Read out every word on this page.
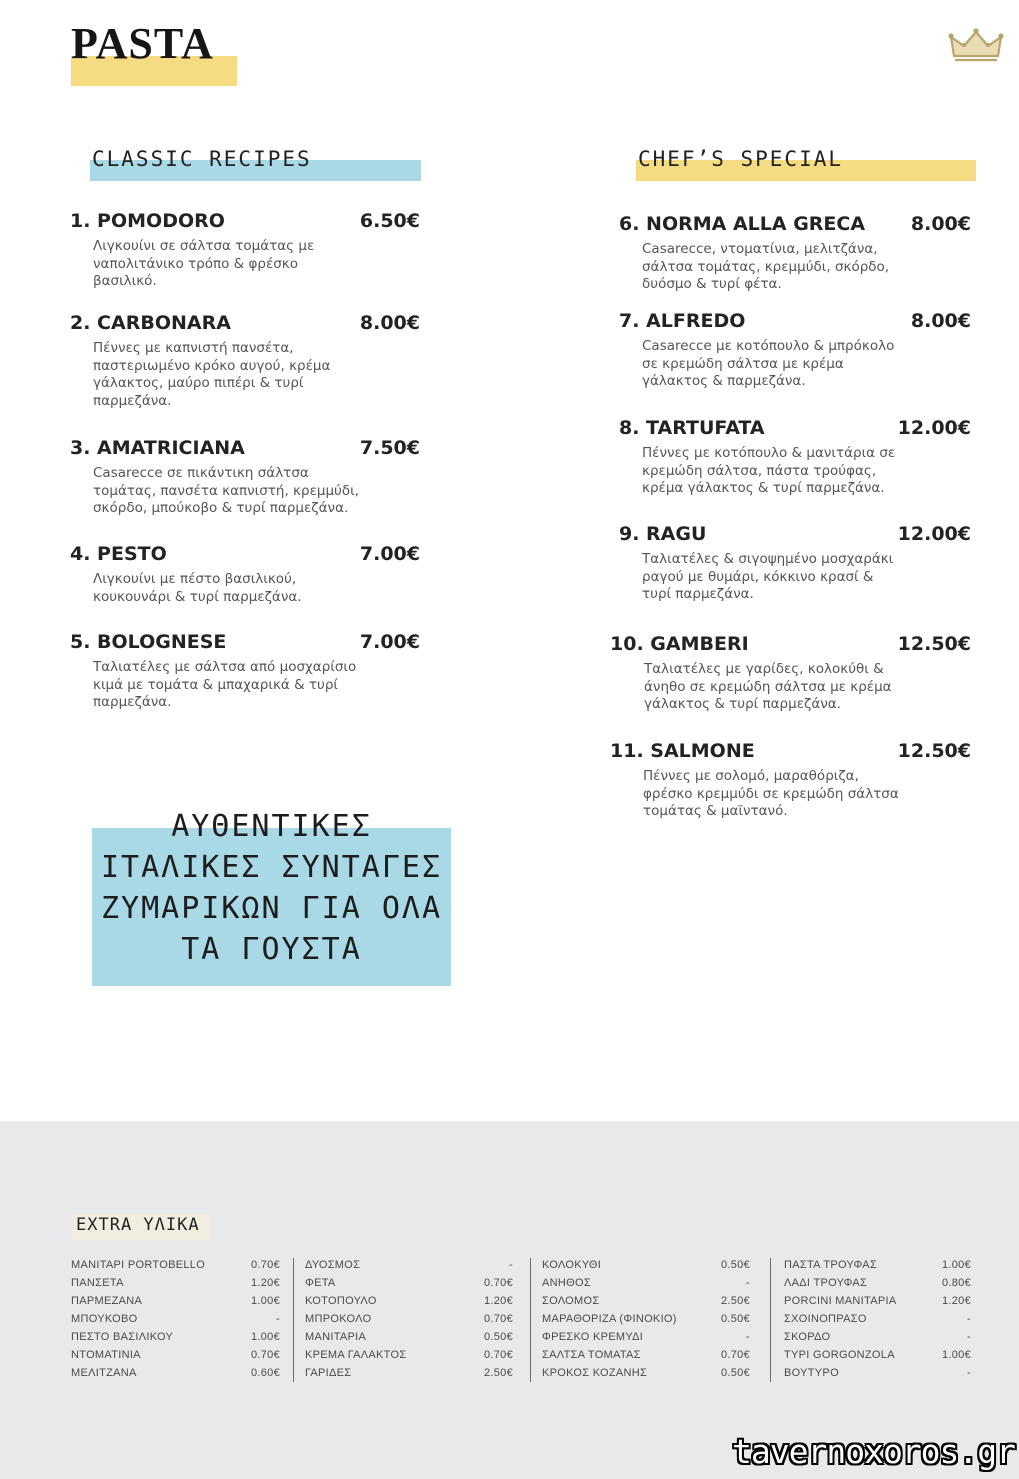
PASTA
CLASSIC RECIPES	CHEF’S SPECIAL
1. POMODORO	6.50€
Λιγκουίνι σε σάλτσα τομάτας με
ναπολιτάνικο τρόπο & φρέσκο
βασιλικό.
2. CARBONARA	8.00€
Πέννες με καπνιστή πανσέτα,
παστεριωμένο κρόκο αυγού, κρέμα
γάλακτος, μαύρο πιπέρι & τυρί
παρμεζάνα.
3. AMATRICIANA	7.50€
Casarecce σε πικάντικη σάλτσα
τομάτας, πανσέτα καπνιστή, κρεμμύδι,
σκόρδο, μπούκοβο & τυρί παρμεζάνα.
4. PESTO	7.00€
Λιγκουίνι με πέστο βασιλικού,
κουκουνάρι & τυρί παρμεζάνα.
5. BOLOGNESE	7.00€
Ταλιατέλες με σάλτσα από μοσχαρίσιο
κιμά με τομάτα & μπαχαρικά & τυρί
παρμεζάνα.
6. NORMA ALLA GRECA	8.00€
Casarecce, ντοματίνια, μελιτζάνα,
σάλτσα τομάτας, κρεμμύδι, σκόρδο,
δυόσμο & τυρί φέτα.
7. ALFREDO	8.00€
Casarecce με κοτόπουλο & μπρόκολο
σε κρεμώδη σάλτσα με κρέμα
γάλακτος & παρμεζάνα.
8. TARTUFATA	12.00€
Πέννες με κοτόπουλο & μανιτάρια σε
κρεμώδη σάλτσα, πάστα τρούφας,
κρέμα γάλακτος & τυρί παρμεζάνα.
9. RAGU	12.00€
Ταλιατέλες & σιγοψημένο μοσχαράκι
ραγού με θυμάρι, κόκκινο κρασί &
τυρί παρμεζάνα.
10. GAMBERI	12.50€
Ταλιατέλες με γαρίδες, κολοκύθι &
άνηθο σε κρεμώδη σάλτσα με κρέμα
γάλακτος & τυρί παρμεζάνα.
11. SALMONE	12.50€
Πέννες με σολομό, μαραθόριζα,
φρέσκο κρεμμύδι σε κρεμώδη σάλτσα
τομάτας & μαϊντανό.
ΑΥΘΕΝΤΙΚΕΣ
ΙΤΑΛΙΚΕΣ ΣΥΝΤΑΓΕΣ
ΖΥΜΑΡΙΚΩΝ ΓΙΑ ΟΛΑ
ΤΑ ΓΟΥΣΤΑ
EXTRA ΥΛΙΚΑ
ΜΑΝΙΤΑΡΙ PORTOBELLO	0.70€
ΠΑΝΣΕΤΑ	1.20€
ΠΑΡΜΕΖΑΝΑ	1.00€
ΜΠΟΥΚΟΒΟ	-
ΠΕΣΤΟ ΒΑΣΙΛΙΚΟΥ	1.00€
ΝΤΟΜΑΤΙΝΙΑ	0.70€
ΜΕΛΙΤΖΑΝΑ	0.60€
ΔΥΟΣΜΟΣ	-
ΦΕΤΑ	0.70€
ΚΟΤΟΠΟΥΛΟ	1.20€
ΜΠΡΟΚΟΛΟ	0.70€
ΜΑΝΙΤΑΡΙΑ	0.50€
ΚΡΕΜΑ ΓΑΛΑΚΤΟΣ	0.70€
ΓΑΡΙΔΕΣ	2.50€
ΚΟΛΟΚΥΘΙ	0.50€
ΑΝΗΘΟΣ	-
ΣΟΛΟΜΟΣ	2.50€
ΜΑΡΑΘΟΡΙΖΑ (ΦΙΝΟΚΙΟ)	0.50€
ΦΡΕΣΚΟ ΚΡΕΜΥΔΙ	-
ΣΑΛΤΣΑ ΤΟΜΑΤΑΣ	0.70€
ΚΡΟΚΟΣ ΚΟΖΑΝΗΣ	0.50€
ΠΑΣΤΑ ΤΡΟΥΦΑΣ	1.00€
ΛΑΔΙ ΤΡΟΥΦΑΣ	0.80€
PORCINI ΜΑΝΙΤΑΡΙΑ	1.20€
ΣΧΟΙΝΟΠΡΑΣΟ	-
ΣΚΟΡΔΟ	-
ΤΥΡΙ GORGONZOLA	1.00€
ΒΟΥΤΥΡΟ	-
tavernoxoros.gr
